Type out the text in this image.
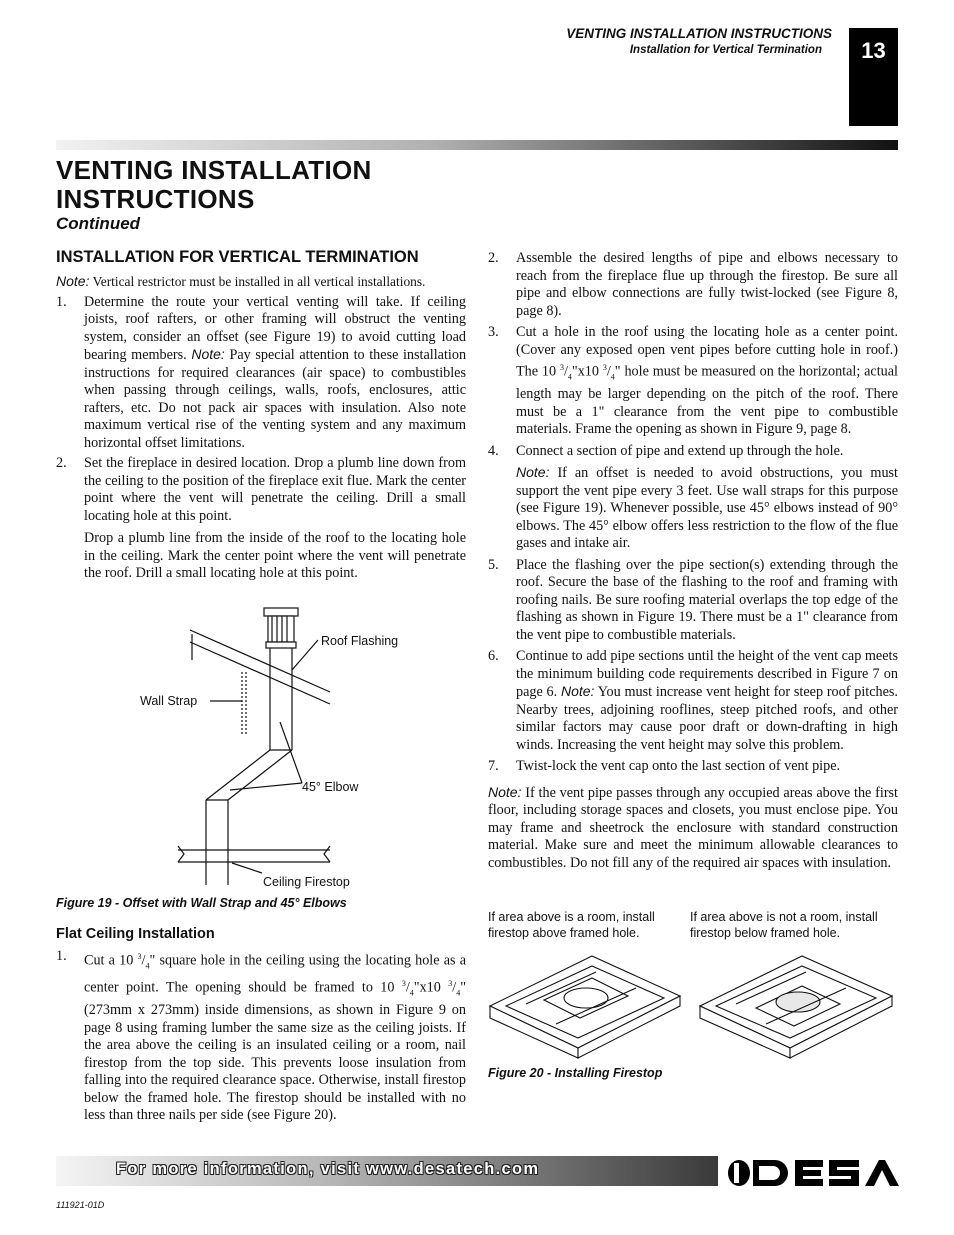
VENTING INSTALLATION INSTRUCTIONS
Installation for Vertical Termination	13
VENTING INSTALLATION INSTRUCTIONS
Continued
INSTALLATION FOR VERTICAL TERMINATION
Note: Vertical restrictor must be installed in all vertical installations.
1. Determine the route your vertical venting will take. If ceiling joists, roof rafters, or other framing will obstruct the venting system, consider an offset (see Figure 19) to avoid cutting load bearing members. Note: Pay special attention to these installation instructions for required clearances (air space) to combustibles when passing through ceilings, walls, roofs, enclosures, attic rafters, etc. Do not pack air spaces with insulation. Also note maximum vertical rise of the venting system and any maximum horizontal offset limitations.
2. Set the fireplace in desired location. Drop a plumb line down from the ceiling to the position of the fireplace exit flue. Mark the center point where the vent will penetrate the ceiling. Drill a small locating hole at this point.
Drop a plumb line from the inside of the roof to the locating hole in the ceiling. Mark the center point where the vent will penetrate the roof. Drill a small locating hole at this point.
Roof Flashing
Wall Strap
45° Elbow
Ceiling Firestop
Figure 19 - Offset with Wall Strap and 45° Elbows
Flat Ceiling Installation
1. Cut a 10 $^3/_4$" square hole in the ceiling using the locating hole as a center point. The opening should be framed to 10 $^3/_4"x10$ $^3/_4$" (273mm x 273mm) inside dimensions, as shown in Figure 9 on page 8 using framing lumber the same size as the ceiling joists. If the area above the ceiling is an insulated ceiling or a room, nail firestop from the top side. This prevents loose insulation from falling into the required clearance space. Otherwise, install firestop below the framed hole. The firestop should be installed with no less than three nails per side (see Figure 20).
2. Assemble the desired lengths of pipe and elbows necessary to reach from the fireplace flue up through the firestop. Be sure all pipe and elbow connections are fully twist-locked (see Figure 8, page 8).
3. Cut a hole in the roof using the locating hole as a center point. (Cover any exposed open vent pipes before cutting hole in roof.) The 10 $^3/_4"x10$ $^3/_4$" hole must be measured on the horizontal; actual length may be larger depending on the pitch of the roof. There must be a 1" clearance from the vent pipe to combustible materials. Frame the opening as shown in Figure 9, page 8.
4. Connect a section of pipe and extend up through the hole.
Note: If an offset is needed to avoid obstructions, you must support the vent pipe every 3 feet. Use wall straps for this purpose (see Figure 19). Whenever possible, use 45° elbows instead of 90° elbows. The 45° elbow offers less restriction to the flow of the flue gases and intake air.
5. Place the flashing over the pipe section(s) extending through the roof. Secure the base of the flashing to the roof and framing with roofing nails. Be sure roofing material overlaps the top edge of the flashing as shown in Figure 19. There must be a 1" clearance from the vent pipe to combustible materials.
6. Continue to add pipe sections until the height of the vent cap meets the minimum building code requirements described in Figure 7 on page 6. Note: You must increase vent height for steep roof pitches. Nearby trees, adjoining rooflines, steep pitched roofs, and other similar factors may cause poor draft or down-drafting in high winds. Increasing the vent height may solve this problem.
7. Twist-lock the vent cap onto the last section of vent pipe.
Note: If the vent pipe passes through any occupied areas above the first floor, including storage spaces and closets, you must enclose pipe. You may frame and sheetrock the enclosure with standard construction material. Make sure and meet the minimum allowable clearances to combustibles. Do not fill any of the required air spaces with insulation.
If area above is a room, install firestop above framed hole.
If area above is not a room, install firestop below framed hole.
Figure 20 - Installing Firestop
For more information, visit www.desatech.com
111921-01D
